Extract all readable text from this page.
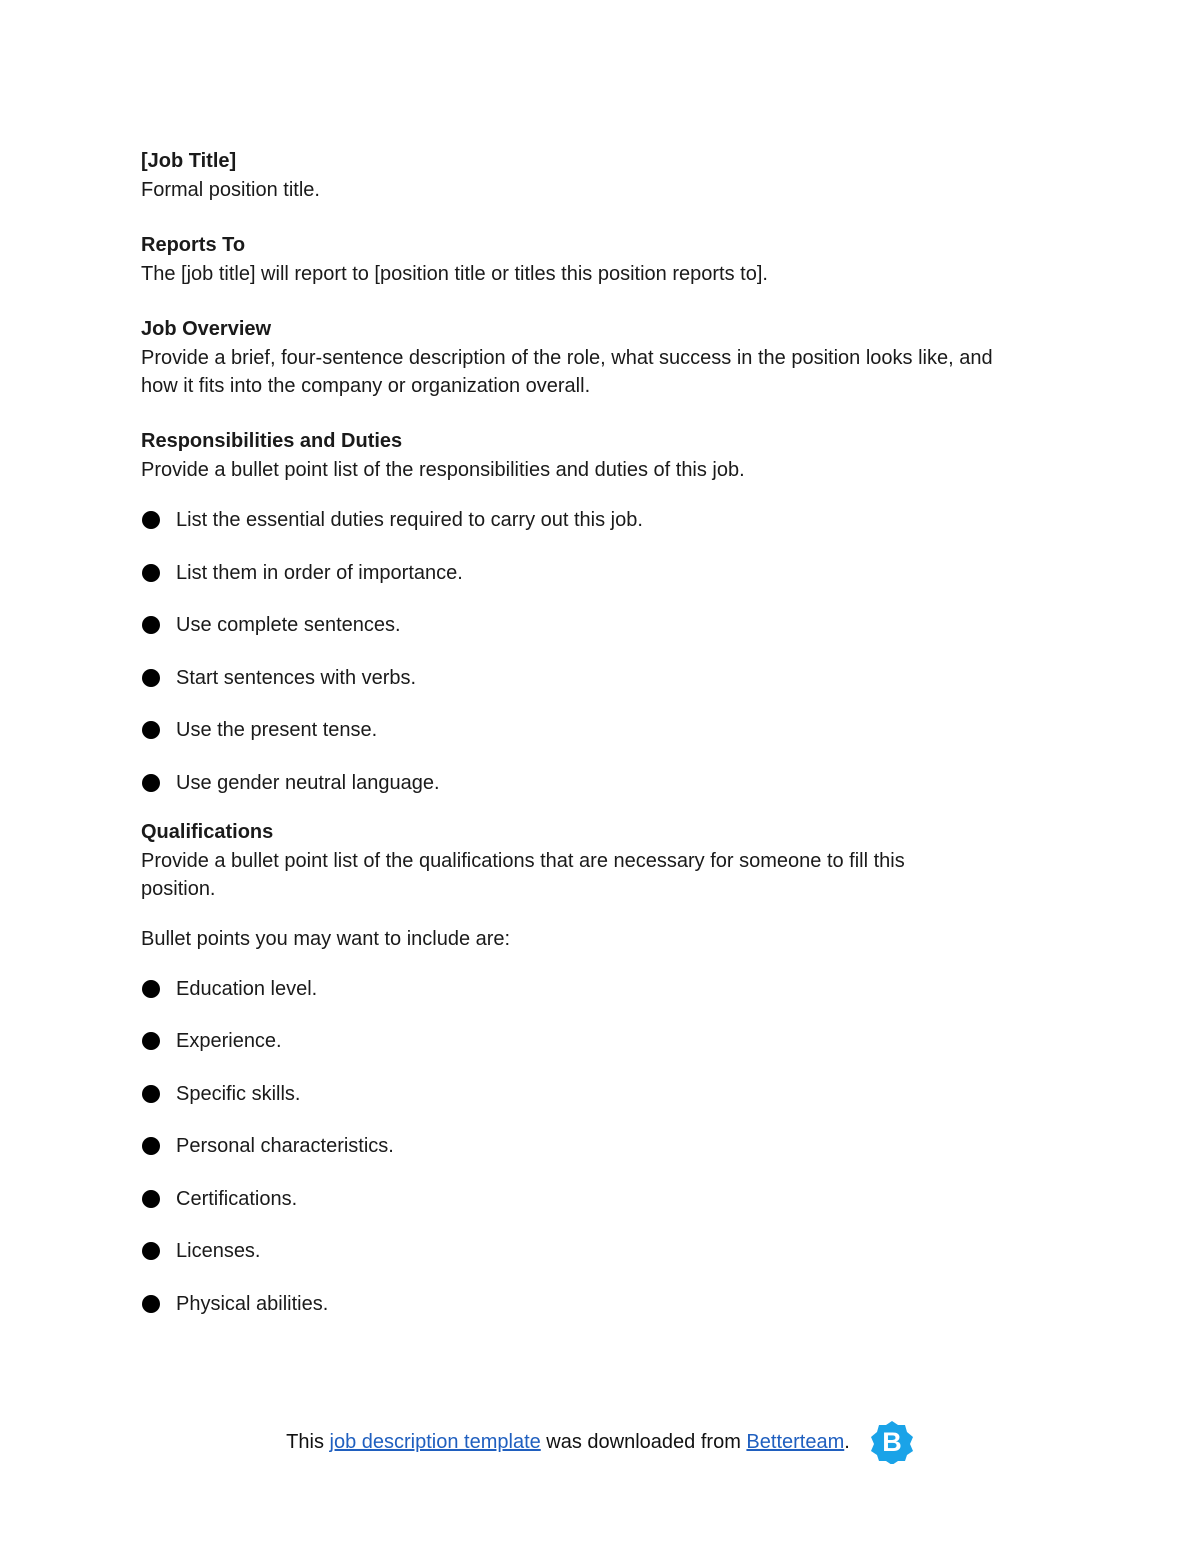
[Job Title]

Formal position title.

Reports To

The [job title] will report to [position title or titles this position reports to].

Job Overview

Provide a brief, four-sentence description of the role, what success in the position looks like, and

how it fits into the company or organization overall.

Responsibilities and Duties

Provide a bullet point list of the responsibilities and duties of this job.

List the essential duties required to carry out this job.
List them in order of importance.
Use complete sentences.
Start sentences with verbs.
Use the present tense.
Use gender neutral language.

Qualifications

Provide a bullet point list of the qualifications that are necessary for someone to fill this

position.

Bullet points you may want to include are:

Education level.
Experience.
Specific skills.
Personal characteristics.
Certifications.
Licenses.
Physical abilities.
This job description template was downloaded from Betterteam . B
